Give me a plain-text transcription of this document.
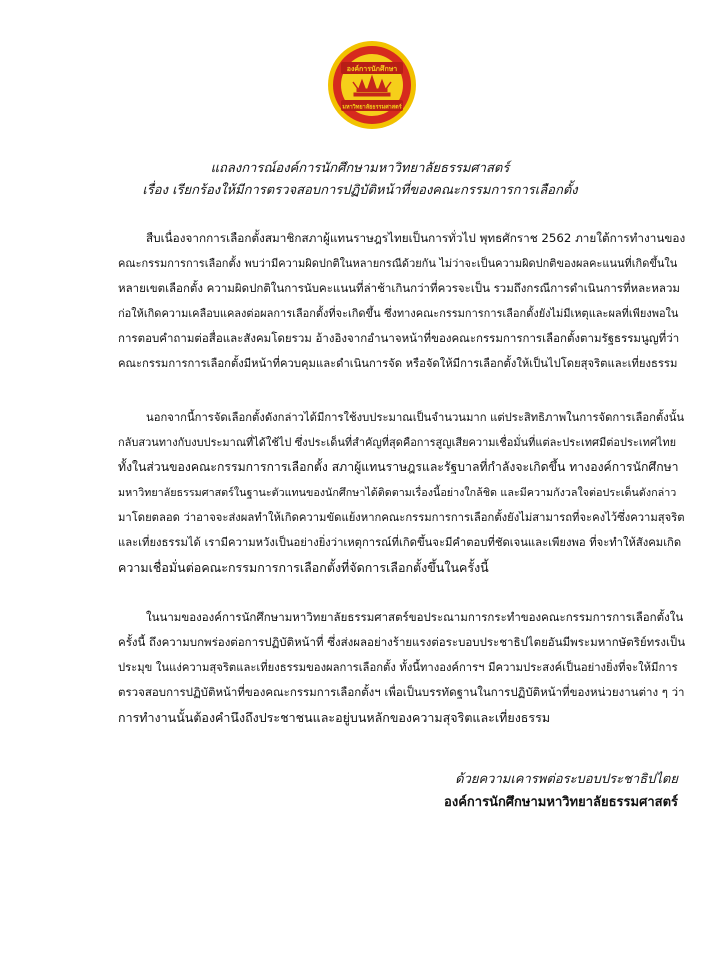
องค์การนักศึกษา
มหาวิทยาลัยธรรมศาสตร์
แถลงการณ์องค์การนักศึกษามหาวิทยาลัยธรรมศาสตร์
เรื่อง เรียกร้องให้มีการตรวจสอบการปฏิบัติหน้าที่ของคณะกรรมการการเลือกตั้ง
สืบเนื่องจากการเลือกตั้งสมาชิกสภาผู้แทนราษฎรไทยเป็นการทั่วไป พุทธศักราช 2562 ภายใต้การทำงานของ
คณะกรรมการการเลือกตั้ง พบว่ามีความผิดปกติในหลายกรณีด้วยกัน ไม่ว่าจะเป็นความผิดปกติของผลคะแนนที่เกิดขึ้นใน
หลายเขตเลือกตั้ง ความผิดปกติในการนับคะแนนที่ล่าช้าเกินกว่าที่ควรจะเป็น รวมถึงกรณีการดำเนินการที่หละหลวม
ก่อให้เกิดความเคลือบแคลงต่อผลการเลือกตั้งที่จะเกิดขึ้น ซึ่งทางคณะกรรมการการเลือกตั้งยังไม่มีเหตุและผลที่เพียงพอใน
การตอบคำถามต่อสื่อและสังคมโดยรวม อ้างอิงจากอำนาจหน้าที่ของคณะกรรมการการเลือกตั้งตามรัฐธรรมนูญที่ว่า
คณะกรรมการการเลือกตั้งมีหน้าที่ควบคุมและดำเนินการจัด หรือจัดให้มีการเลือกตั้งให้เป็นไปโดยสุจริตและเที่ยงธรรม
นอกจากนี้การจัดเลือกตั้งดังกล่าวได้มีการใช้งบประมาณเป็นจำนวนมาก แต่ประสิทธิภาพในการจัดการเลือกตั้งนั้น
กลับสวนทางกับงบประมาณที่ได้ใช้ไป ซึ่งประเด็นที่สำคัญที่สุดคือการสูญเสียความเชื่อมั่นที่แต่ละประเทศมีต่อประเทศไทย
ทั้งในส่วนของคณะกรรมการการเลือกตั้ง สภาผู้แทนราษฎรและรัฐบาลที่กำลังจะเกิดขึ้น ทางองค์การนักศึกษา
มหาวิทยาลัยธรรมศาสตร์ในฐานะตัวแทนของนักศึกษาได้ติดตามเรื่องนี้อย่างใกล้ชิด และมีความกังวลใจต่อประเด็นดังกล่าว
มาโดยตลอด ว่าอาจจะส่งผลทำให้เกิดความขัดแย้งหากคณะกรรมการการเลือกตั้งยังไม่สามารถที่จะคงไว้ซึ่งความสุจริต
และเที่ยงธรรมได้ เรามีความหวังเป็นอย่างยิ่งว่าเหตุการณ์ที่เกิดขึ้นจะมีคำตอบที่ชัดเจนและเพียงพอ ที่จะทำให้สังคมเกิด
ความเชื่อมั่นต่อคณะกรรมการการเลือกตั้งที่จัดการเลือกตั้งขึ้นในครั้งนี้
ในนามขององค์การนักศึกษามหาวิทยาลัยธรรมศาสตร์ขอประณามการกระทำของคณะกรรมการการเลือกตั้งใน
ครั้งนี้ ถึงความบกพร่องต่อการปฏิบัติหน้าที่ ซึ่งส่งผลอย่างร้ายแรงต่อระบอบประชาธิปไตยอันมีพระมหากษัตริย์ทรงเป็น
ประมุข ในแง่ความสุจริตและเที่ยงธรรมของผลการเลือกตั้ง ทั้งนี้ทางองค์การฯ มีความประสงค์เป็นอย่างยิ่งที่จะให้มีการ
ตรวจสอบการปฏิบัติหน้าที่ของคณะกรรมการเลือกตั้งฯ เพื่อเป็นบรรทัดฐานในการปฏิบัติหน้าที่ของหน่วยงานต่าง ๆ ว่า
การทำงานนั้นต้องคำนึงถึงประชาชนและอยู่บนหลักของความสุจริตและเที่ยงธรรม
ด้วยความเคารพต่อระบอบประชาธิปไตย
องค์การนักศึกษามหาวิทยาลัยธรรมศาสตร์
